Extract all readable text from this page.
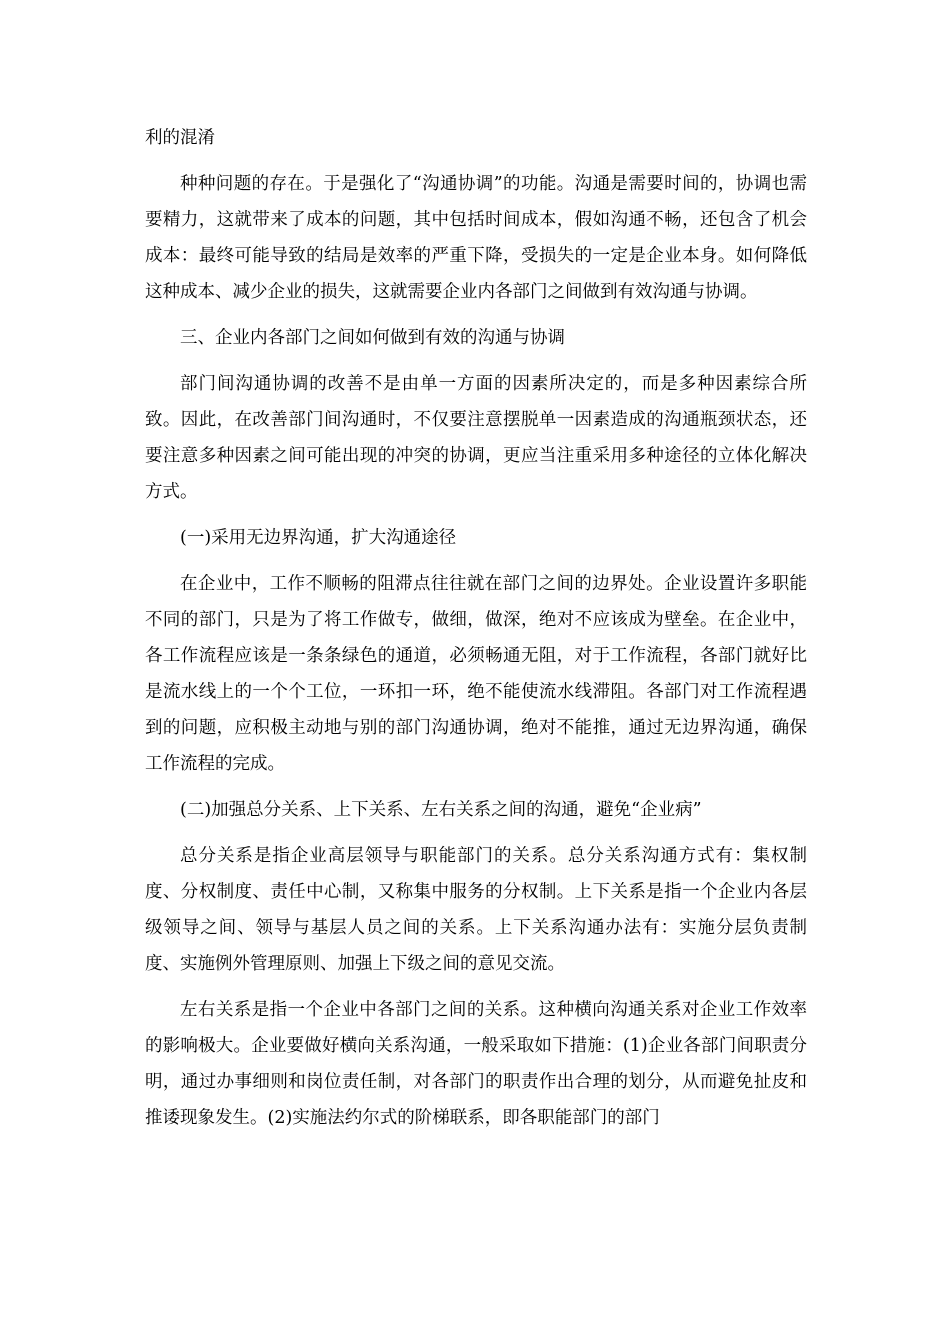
利的混淆

种种问题的存在。于是强化了“沟通协调”的功能。沟通是需要时间的，协调也需要精力，这就带来了成本的问题，其中包括时间成本，假如沟通不畅，还包含了机会成本：最终可能导致的结局是效率的严重下降，受损失的一定是企业本身。如何降低这种成本、减少企业的损失，这就需要企业内各部门之间做到有效沟通与协调。

三、企业内各部门之间如何做到有效的沟通与协调

部门间沟通协调的改善不是由单一方面的因素所决定的，而是多种因素综合所致。因此，在改善部门间沟通时，不仅要注意摆脱单一因素造成的沟通瓶颈状态，还要注意多种因素之间可能出现的冲突的协调，更应当注重采用多种途径的立体化解决方式。

(一)采用无边界沟通，扩大沟通途径

在企业中，工作不顺畅的阻滞点往往就在部门之间的边界处。企业设置许多职能不同的部门，只是为了将工作做专，做细，做深，绝对不应该成为壁垒。在企业中，各工作流程应该是一条条绿色的通道，必须畅通无阻，对于工作流程，各部门就好比是流水线上的一个个工位，一环扣一环，绝不能使流水线滞阻。各部门对工作流程遇到的问题，应积极主动地与别的部门沟通协调，绝对不能推，通过无边界沟通，确保工作流程的完成。

(二)加强总分关系、上下关系、左右关系之间的沟通，避免“企业病”

总分关系是指企业高层领导与职能部门的关系。总分关系沟通方式有：集权制度、分权制度、责任中心制，又称集中服务的分权制。上下关系是指一个企业内各层级领导之间、领导与基层人员之间的关系。上下关系沟通办法有：实施分层负责制度、实施例外管理原则、加强上下级之间的意见交流。

左右关系是指一个企业中各部门之间的关系。这种横向沟通关系对企业工作效率的影响极大。企业要做好横向关系沟通，一般采取如下措施：(1)企业各部门间职责分明，通过办事细则和岗位责任制，对各部门的职责作出合理的划分，从而避免扯皮和推诿现象发生。(2)实施法约尔式的阶梯联系，即各职能部门的部门
